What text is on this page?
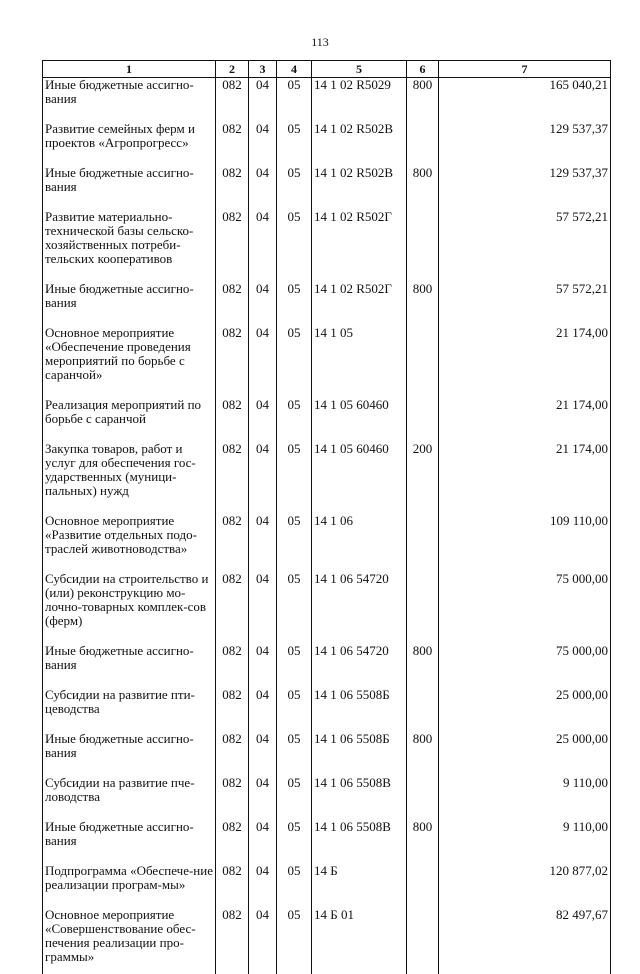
113
1	2	3	4	5	6	7
Иные бюджетные ассигно-вания	082	04	05	14 1 02 R5029	800	165 040,21
Развитие семейных ферм и проектов «Агропрогресс»	082	04	05	14 1 02 R502В		129 537,37
Иные бюджетные ассигно-вания	082	04	05	14 1 02 R502В	800	129 537,37
Развитие материально-технической базы сельско-хозяйственных потреби-тельских кооперативов	082	04	05	14 1 02 R502Г		57 572,21
Иные бюджетные ассигно-вания	082	04	05	14 1 02 R502Г	800	57 572,21
Основное мероприятие «Обеспечение проведения мероприятий по борьбе с саранчой»	082	04	05	14 1 05		21 174,00
Реализация мероприятий по борьбе с саранчой	082	04	05	14 1 05 60460		21 174,00
Закупка товаров, работ и услуг для обеспечения гос-ударственных (муници-пальных) нужд	082	04	05	14 1 05 60460	200	21 174,00
Основное мероприятие «Развитие отдельных подо-траслей животноводства»	082	04	05	14 1 06		109 110,00
Субсидии на строительство и (или) реконструкцию мо-лочно-товарных комплек-сов (ферм)	082	04	05	14 1 06 54720		75 000,00
Иные бюджетные ассигно-вания	082	04	05	14 1 06 54720	800	75 000,00
Субсидии на развитие пти-цеводства	082	04	05	14 1 06 5508Б		25 000,00
Иные бюджетные ассигно-вания	082	04	05	14 1 06 5508Б	800	25 000,00
Субсидии на развитие пче-ловодства	082	04	05	14 1 06 5508В		9 110,00
Иные бюджетные ассигно-вания	082	04	05	14 1 06 5508В	800	9 110,00
Подпрограмма «Обеспече-ние реализации програм-мы»	082	04	05	14 Б		120 877,02
Основное мероприятие «Совершенствование обес-печения реализации про-граммы»	082	04	05	14 Б 01		82 497,67
